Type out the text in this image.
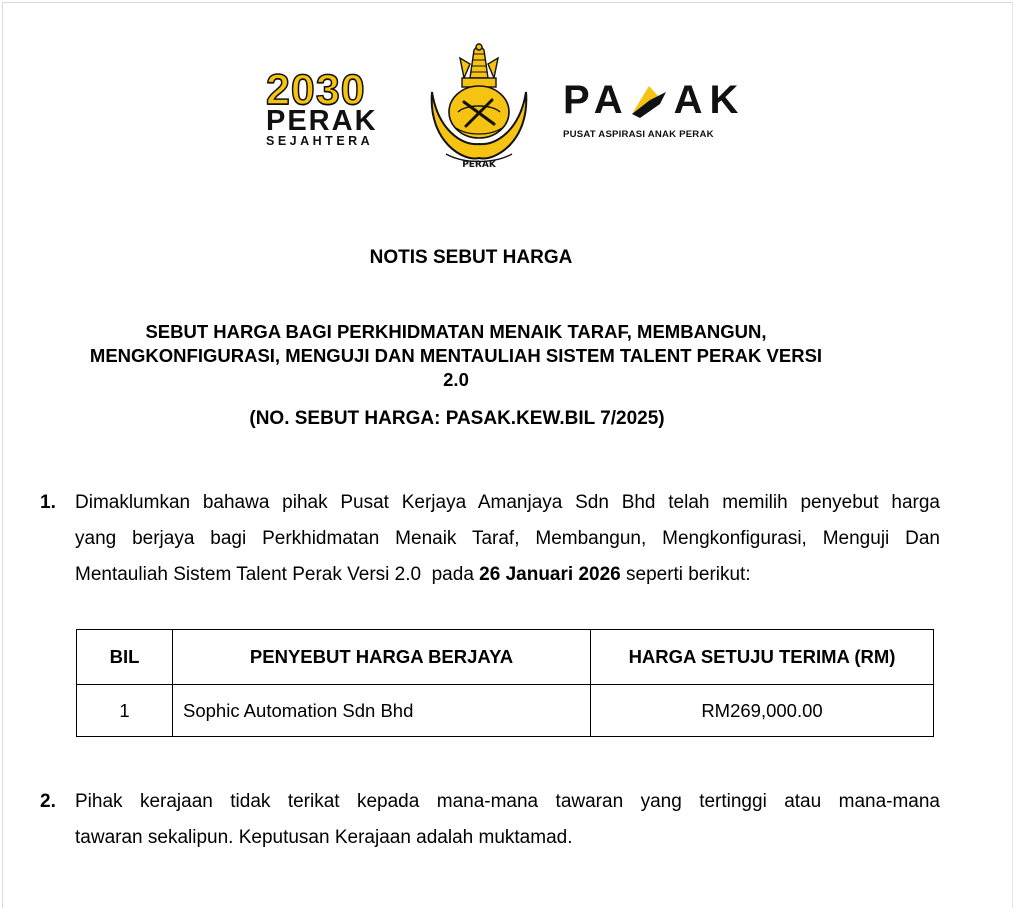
2030
PERAK
SEJAHTERA
PERAK
PA AK
PUSAT ASPIRASI ANAK PERAK
NOTIS SEBUT HARGA
SEBUT HARGA BAGI PERKHIDMATAN MENAIK TARAF, MEMBANGUN,
MENGKONFIGURASI, MENGUJI DAN MENTAULIAH SISTEM TALENT PERAK VERSI
2.0
(NO. SEBUT HARGA: PASAK.KEW.BIL 7/2025)
1. Dimaklumkan bahawa pihak Pusat Kerjaya Amanjaya Sdn Bhd telah memilih penyebut harga
yang berjaya bagi Perkhidmatan Menaik Taraf, Membangun, Mengkonfigurasi, Menguji Dan
Mentauliah Sistem Talent Perak Versi 2.0  pada 26 Januari 2026 seperti berikut:
BIL	PENYEBUT HARGA BERJAYA	HARGA SETUJU TERIMA (RM)
1	Sophic Automation Sdn Bhd	RM269,000.00
2. Pihak kerajaan tidak terikat kepada mana-mana tawaran yang tertinggi atau mana-mana
tawaran sekalipun. Keputusan Kerajaan adalah muktamad.
